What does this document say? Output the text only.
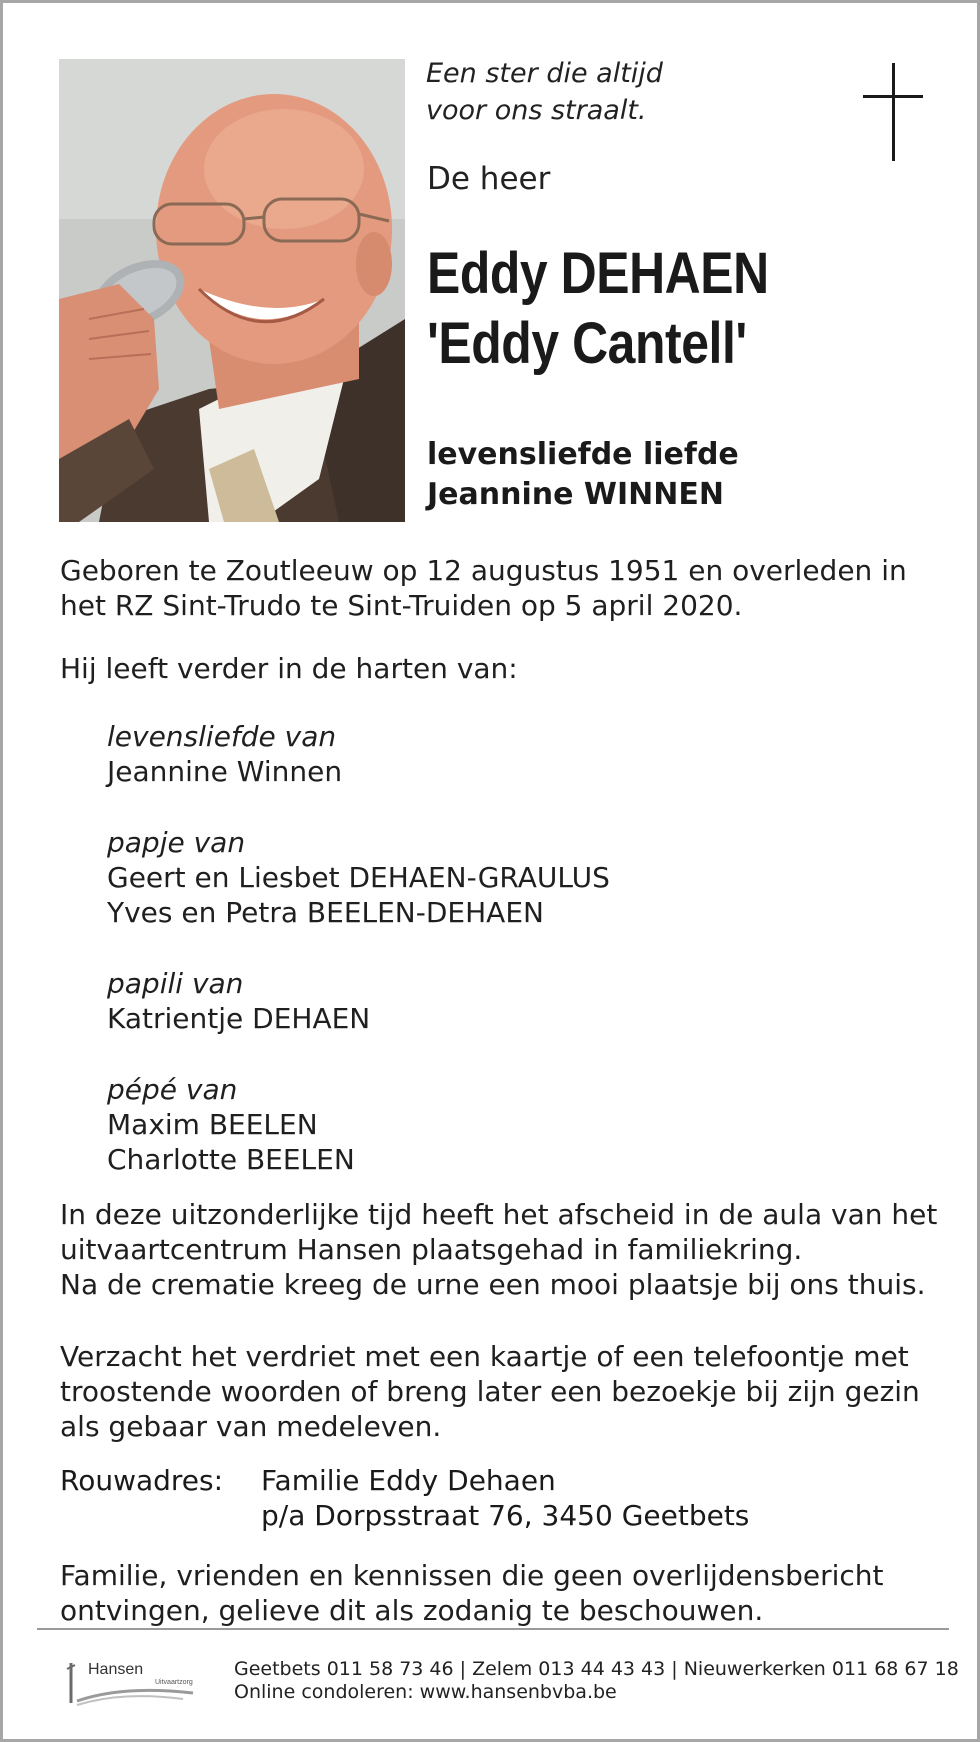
Een ster die altijd
voor ons straalt.
De heer
Eddy DEHAEN
'Eddy Cantell'
levensliefde liefde
Jeannine WINNEN
Geboren te Zoutleeuw op 12 augustus 1951 en overleden in
het RZ Sint-Trudo te Sint-Truiden op 5 april 2020.
Hij leeft verder in de harten van:
levensliefde van
Jeannine Winnen
papje van
Geert en Liesbet DEHAEN-GRAULUS
Yves en Petra BEELEN-DEHAEN
papili van
Katrientje DEHAEN
pépé van
Maxim BEELEN
Charlotte BEELEN
In deze uitzonderlijke tijd heeft het afscheid in de aula van het
uitvaartcentrum Hansen plaatsgehad in familiekring.
Na de crematie kreeg de urne een mooi plaatsje bij ons thuis.
Verzacht het verdriet met een kaartje of een telefoontje met
troostende woorden of breng later een bezoekje bij zijn gezin
als gebaar van medeleven.
Rouwadres: Familie Eddy Dehaen
p/a Dorpsstraat 76, 3450 Geetbets
Familie, vrienden en kennissen die geen overlijdensbericht
ontvingen, gelieve dit als zodanig te beschouwen.
Hansen
Uitvaartzorg
Geetbets 011 58 73 46 | Zelem 013 44 43 43 | Nieuwerkerken 011 68 67 18
Online condoleren: www.hansenbvba.be
